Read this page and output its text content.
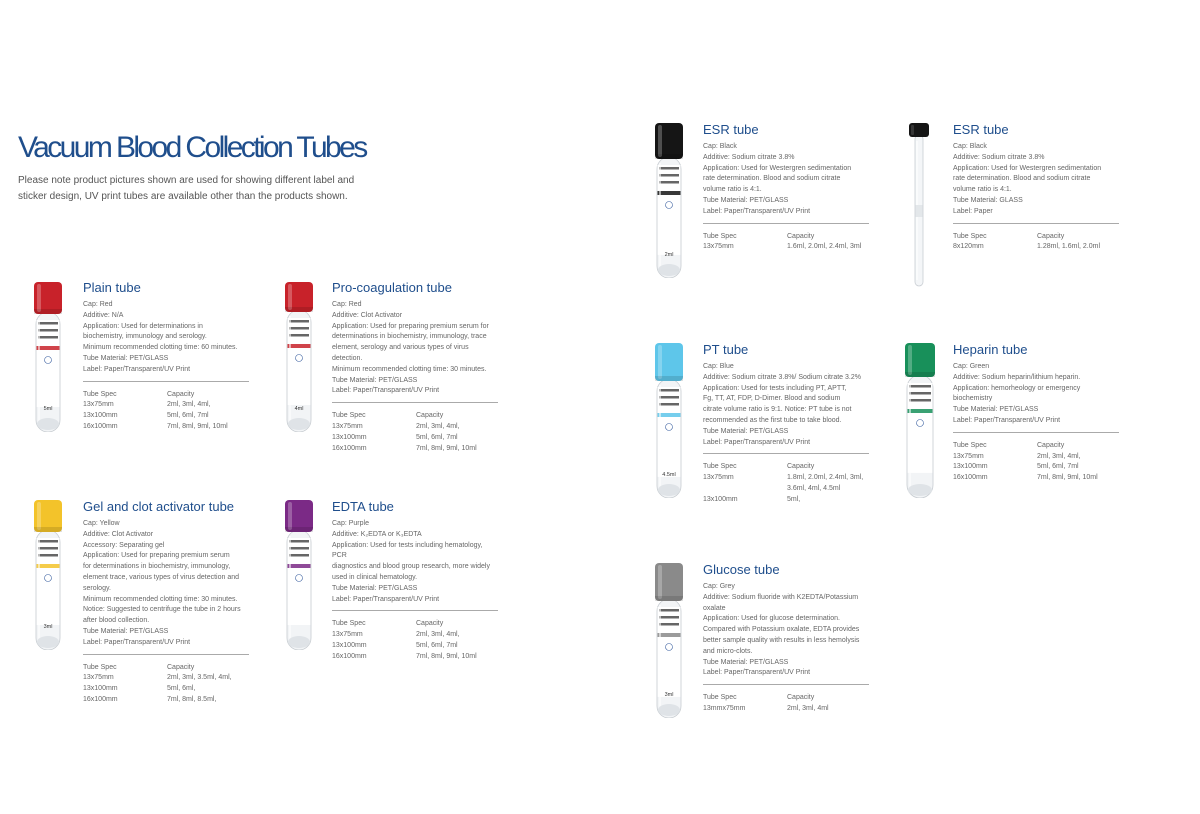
Vacuum Blood Collection Tubes
Please note product pictures shown are used for showing different label and sticker design, UV print tubes are available other than the products shown.
5ml
Plain tube
Cap: Red
Additive: N/A
Application: Used for determinations in
biochemistry, immunology and serology.
Minimum recommended clotting time: 60 minutes.
Tube Material: PET/GLASS
Label: Paper/Transparent/UV Print
Tube Spec	Capacity
13x75mm	2ml, 3ml, 4ml,
13x100mm	5ml, 6ml, 7ml
16x100mm	7ml, 8ml, 9ml, 10ml
4ml
Pro-coagulation tube
Cap: Red
Additive: Clot Activator
Application: Used for preparing premium serum for
determinations in biochemistry, immunology, trace
element, serology and various types of virus detection.
Minimum recommended clotting time: 30 minutes.
Tube Material: PET/GLASS
Label: Paper/Transparent/UV Print
Tube Spec	Capacity
13x75mm	2ml, 3ml, 4ml,
13x100mm	5ml, 6ml, 7ml
16x100mm	7ml, 8ml, 9ml, 10ml
3ml
Gel and clot activator tube
Cap: Yellow
Additive: Clot Activator
Accessory: Separating gel
Application: Used for preparing premium serum
for determinations in biochemistry, immunology,
element trace, various types of virus detection and
serology.
Minimum recommended clotting time: 30 minutes.
Notice: Suggested to centrifuge the tube in 2 hours
after blood collection.
Tube Material: PET/GLASS
Label: Paper/Transparent/UV Print
Tube Spec	Capacity
13x75mm	2ml, 3ml, 3.5ml, 4ml,
13x100mm	5ml, 6ml,
16x100mm	7ml, 8ml, 8.5ml,
EDTA tube
Cap: Purple
Additive: K₂EDTA or K₃EDTA
Application: Used for tests including hematology, PCR
diagnostics and blood group research, more widely
used in clinical hematology.
Tube Material: PET/GLASS
Label: Paper/Transparent/UV Print
Tube Spec	Capacity
13x75mm	2ml, 3ml, 4ml,
13x100mm	5ml, 6ml, 7ml
16x100mm	7ml, 8ml, 9ml, 10ml
2ml
ESR tube
Cap: Black
Additive: Sodium citrate 3.8%
Application: Used for Westergren sedimentation
rate determination. Blood and sodium citrate
volume ratio is 4:1.
Tube Material: PET/GLASS
Label: Paper/Transparent/UV Print
Tube Spec	Capacity
13x75mm	1.6ml, 2.0ml, 2.4ml, 3ml
ESR tube
Cap: Black
Additive: Sodium citrate 3.8%
Application: Used for Westergren sedimentation
rate determination. Blood and sodium citrate
volume ratio is 4:1.
Tube Material: GLASS
Label: Paper
Tube Spec	Capacity
8x120mm	1.28ml, 1.6ml, 2.0ml
4.5ml
PT tube
Cap: Blue
Additive: Sodium citrate 3.8%/ Sodium citrate 3.2%
Application: Used for tests including PT, APTT,
Fg, TT, AT, FDP, D-Dimer. Blood and sodium
citrate volume ratio is 9:1. Notice: PT tube is not
recommended as the first tube to take blood.
Tube Material: PET/GLASS
Label: Paper/Transparent/UV Print
Tube Spec	Capacity
13x75mm	1.8ml, 2.0ml, 2.4ml, 3ml,
3.6ml, 4ml, 4.5ml
13x100mm	5ml,
Heparin tube
Cap: Green
Additive: Sodium heparin/lithium heparin.
Application: hemorheology or emergency biochemistry
Tube Material: PET/GLASS
Label: Paper/Transparent/UV Print
Tube Spec	Capacity
13x75mm	2ml, 3ml, 4ml,
13x100mm	5ml, 6ml, 7ml
16x100mm	7ml, 8ml, 9ml, 10ml
3ml
Glucose tube
Cap: Grey
Additive: Sodium fluoride with K2EDTA/Potassium
oxalate
Application: Used for glucose determination.
Compared with Potassium oxalate, EDTA provides
better sample quality with results in less hemolysis
and micro-clots.
Tube Material: PET/GLASS
Label: Paper/Transparent/UV Print
Tube Spec	Capacity
13mmx75mm	2ml, 3ml, 4ml
